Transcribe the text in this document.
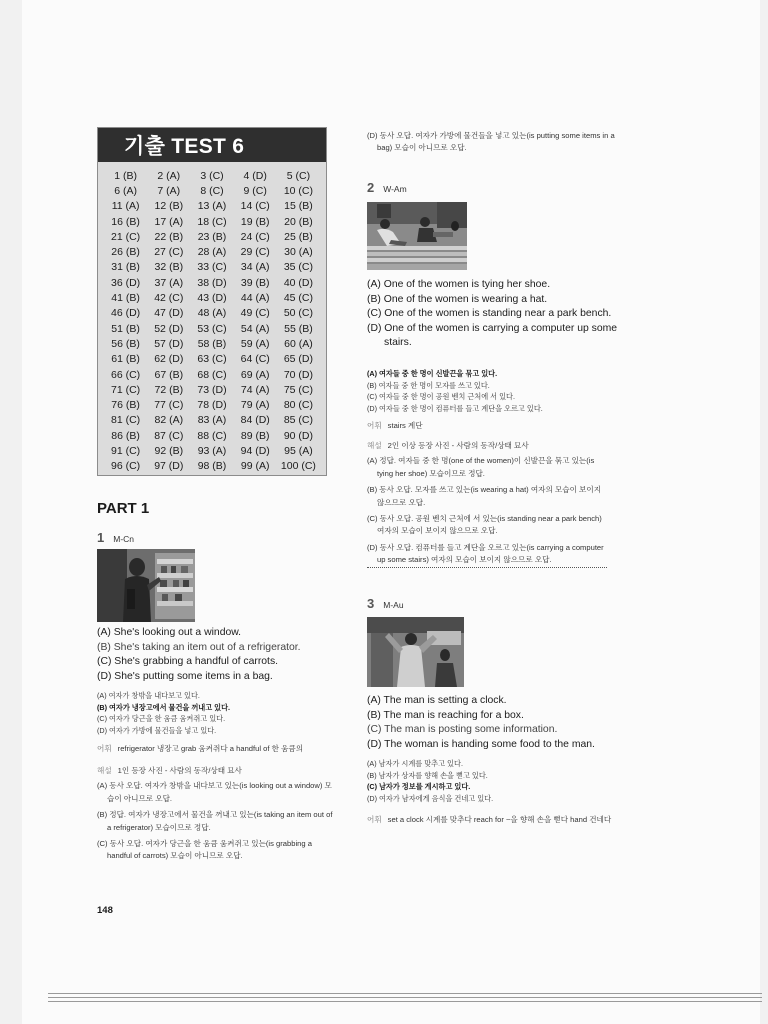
기출 TEST 6
1 (B)	2 (A)	3 (C)	4 (D)	5 (C)
6 (A)	7 (A)	8 (C)	9 (C)	10 (C)
11 (A)	12 (B)	13 (A)	14 (C)	15 (B)
16 (B)	17 (A)	18 (C)	19 (B)	20 (B)
21 (C)	22 (B)	23 (B)	24 (C)	25 (B)
26 (B)	27 (C)	28 (A)	29 (C)	30 (A)
31 (B)	32 (B)	33 (C)	34 (A)	35 (C)
36 (D)	37 (A)	38 (D)	39 (B)	40 (D)
41 (B)	42 (C)	43 (D)	44 (A)	45 (C)
46 (D)	47 (D)	48 (A)	49 (C)	50 (C)
51 (B)	52 (D)	53 (C)	54 (A)	55 (B)
56 (B)	57 (D)	58 (B)	59 (A)	60 (A)
61 (B)	62 (D)	63 (C)	64 (C)	65 (D)
66 (C)	67 (B)	68 (C)	69 (A)	70 (D)
71 (C)	72 (B)	73 (D)	74 (A)	75 (C)
76 (B)	77 (C)	78 (D)	79 (A)	80 (C)
81 (C)	82 (A)	83 (A)	84 (D)	85 (C)
86 (B)	87 (C)	88 (C)	89 (B)	90 (D)
91 (C)	92 (B)	93 (A)	94 (D)	95 (A)
96 (C)	97 (D)	98 (B)	99 (A)	100 (C)
PART 1
1 M-Cn
(A) She's looking out a window.
(B) She's taking an item out of a refrigerator.
(C) She's grabbing a handful of carrots.
(D) She's putting some items in a bag.
(A) 여자가 창밖을 내다보고 있다.
(B) 여자가 냉장고에서 물건을 꺼내고 있다.
(C) 여자가 당근을 한 움큼 움켜쥐고 있다.
(D) 여자가 가방에 물건들을 넣고 있다.
어휘 refrigerator 냉장고 grab 움켜쥐다 a handful of 한 움큼의
해설 1인 등장 사진 - 사람의 동작/상태 묘사
(A) 동사 오답. 여자가 창밖을 내다보고 있는(is looking out a window) 모습이 아니므로 오답.
(B) 정답. 여자가 냉장고에서 물건을 꺼내고 있는(is taking an item out of a refrigerator) 모습이므로 정답.
(C) 동사 오답. 여자가 당근을 한 움큼 움켜쥐고 있는(is grabbing a handful of carrots) 모습이 아니므로 오답.
148
(D) 동사 오답. 여자가 가방에 물건들을 넣고 있는(is putting some items in a bag) 모습이 아니므로 오답.
2 W-Am
(A) One of the women is tying her shoe.
(B) One of the women is wearing a hat.
(C) One of the women is standing near a park bench.
(D) One of the women is carrying a computer up some stairs.
(A) 여자들 중 한 명이 신발끈을 묶고 있다.
(B) 여자들 중 한 명이 모자를 쓰고 있다.
(C) 여자들 중 한 명이 공원 벤치 근처에 서 있다.
(D) 여자들 중 한 명이 컴퓨터를 들고 계단을 오르고 있다.
어휘 stairs 계단
해설 2인 이상 등장 사진 - 사람의 동작/상태 묘사
(A) 정답. 여자들 중 한 명(one of the women)이 신발끈을 묶고 있는(is tying her shoe) 모습이므로 정답.
(B) 동사 오답. 모자를 쓰고 있는(is wearing a hat) 여자의 모습이 보이지 않으므로 오답.
(C) 동사 오답. 공원 벤치 근처에 서 있는(is standing near a park bench) 여자의 모습이 보이지 않으므로 오답.
(D) 동사 오답. 컴퓨터를 들고 계단을 오르고 있는(is carrying a computer up some stairs) 여자의 모습이 보이지 않으므로 오답.
3 M-Au
(A) The man is setting a clock.
(B) The man is reaching for a box.
(C) The man is posting some information.
(D) The woman is handing some food to the man.
(A) 남자가 시계를 맞추고 있다.
(B) 남자가 상자를 향해 손을 뻗고 있다.
(C) 남자가 정보를 게시하고 있다.
(D) 여자가 남자에게 음식을 건네고 있다.
어휘 set a clock 시계를 맞추다 reach for ~을 향해 손을 뻗다 hand 건네다
